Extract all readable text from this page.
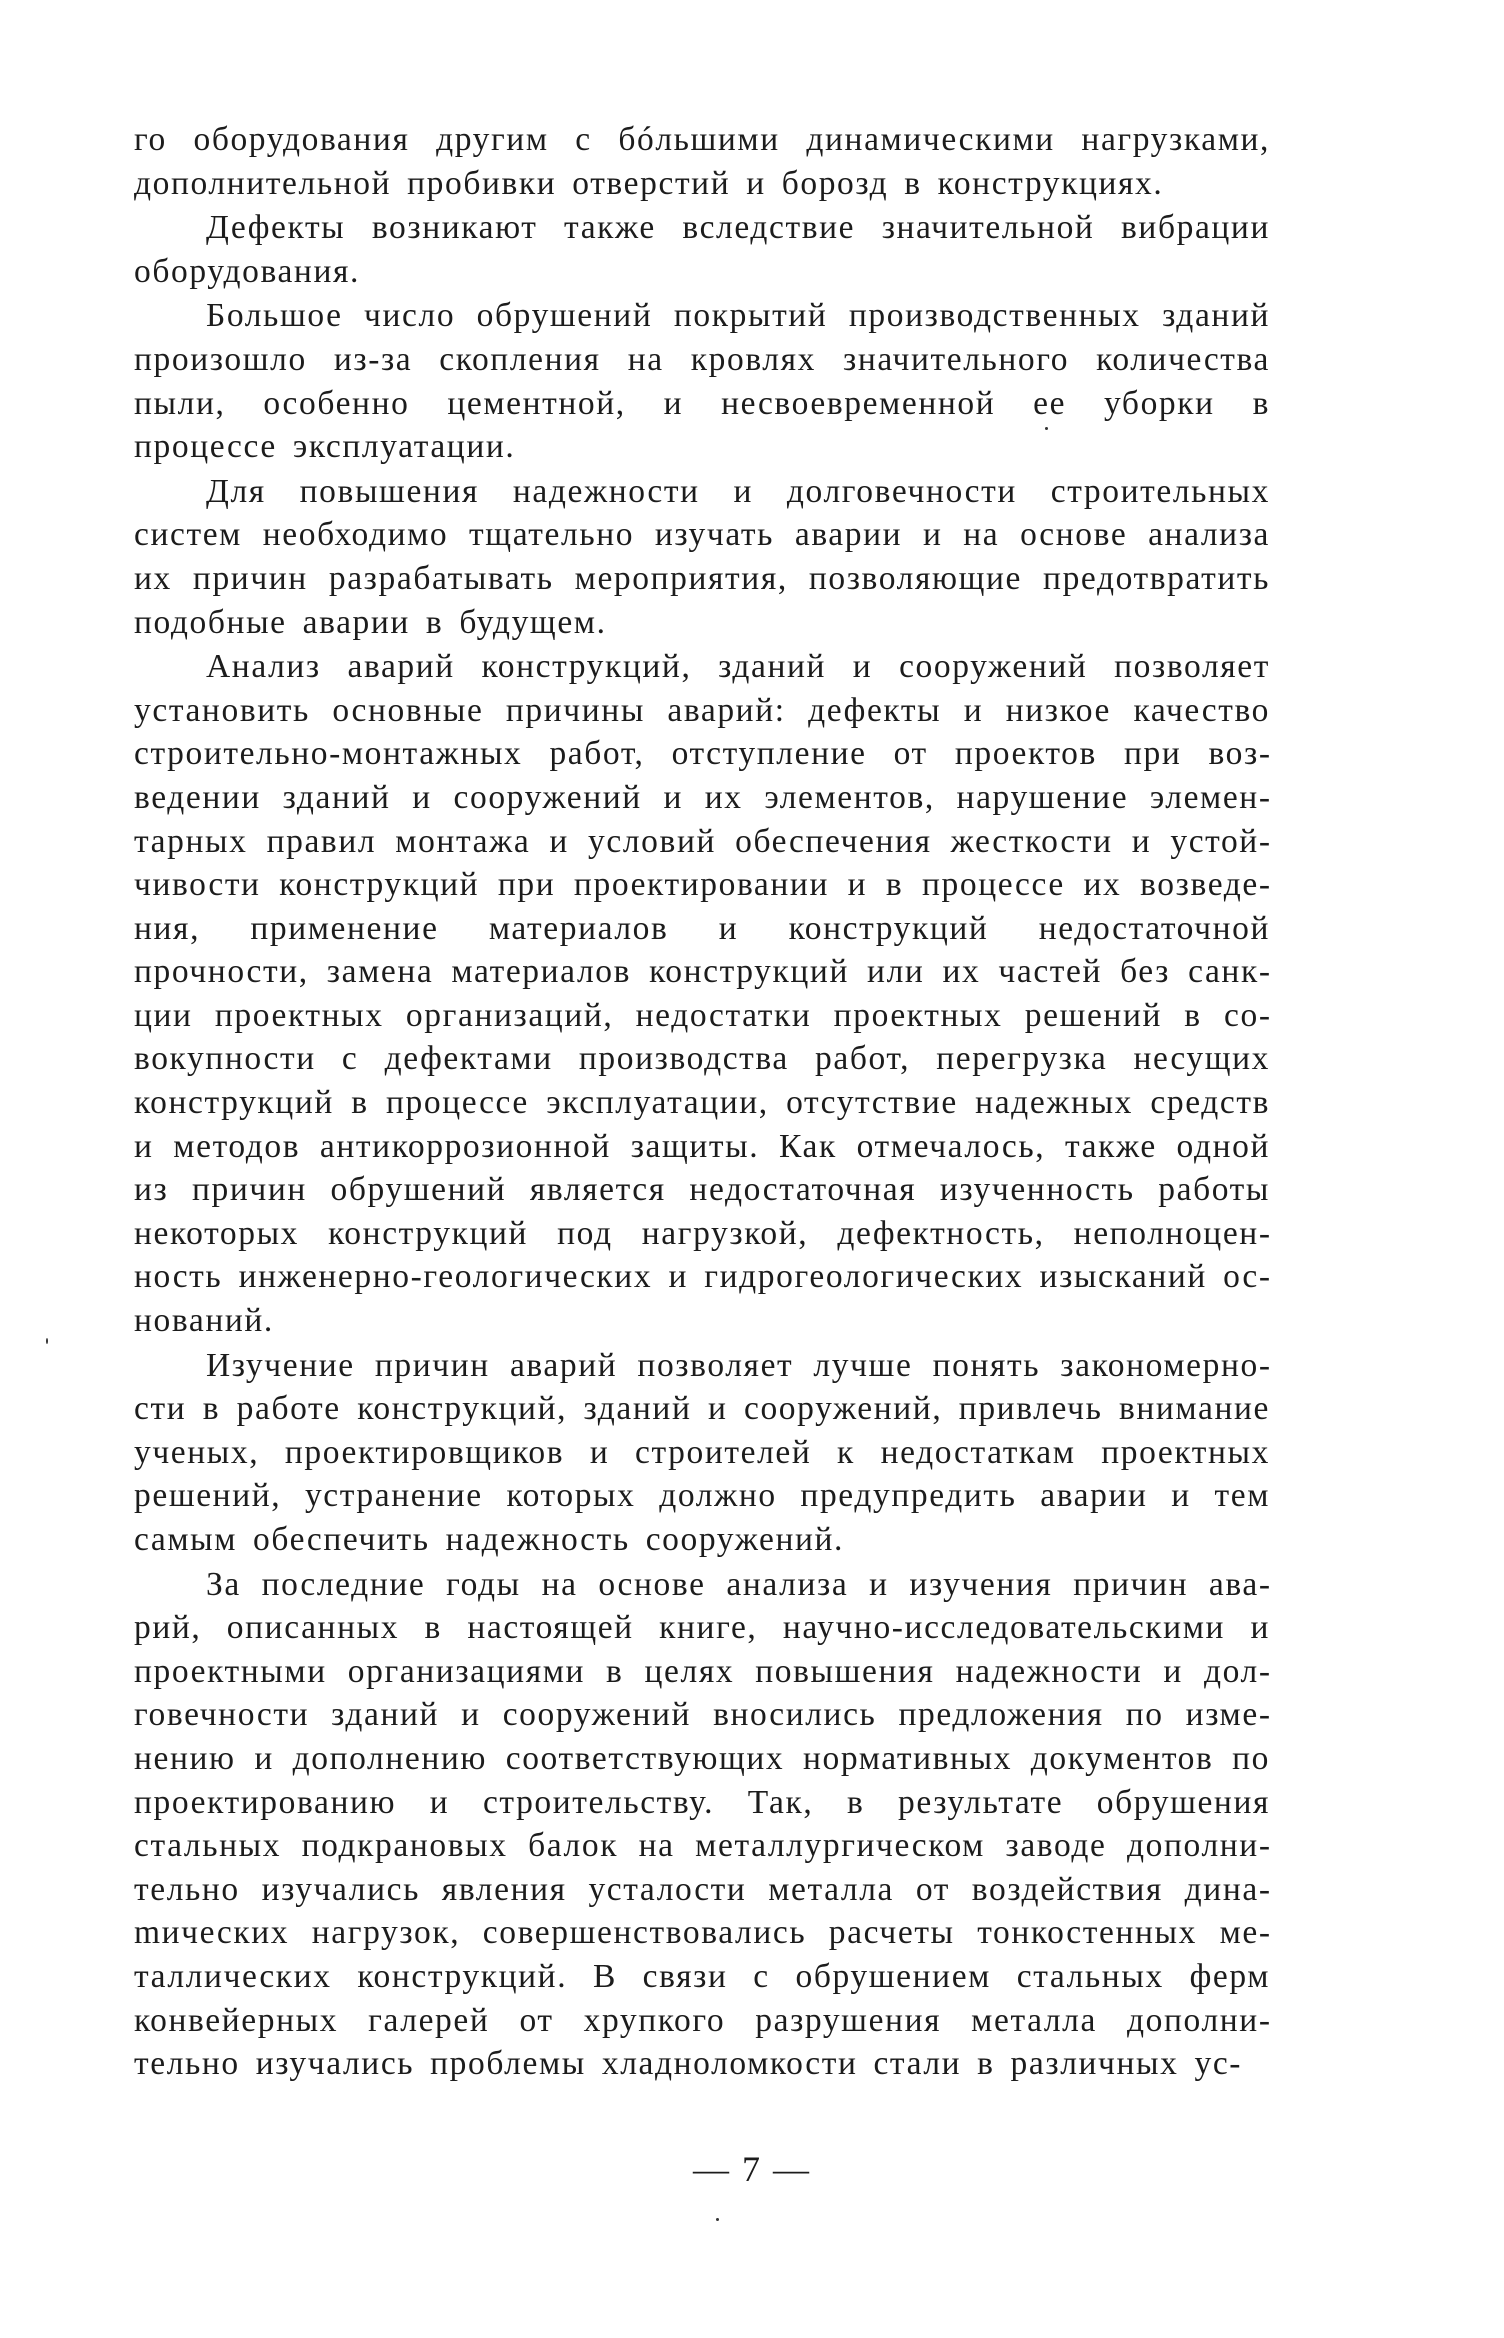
го оборудования другим с бóльшими динамическими нагрузками, дополнительной пробивки отверстий и борозд в конструкциях.

Дефекты возникают также вследствие значительной вибрации оборудования.

Большое число обрушений покрытий производственных зданий произошло из-за скопления на кровлях значительного количества пыли, особенно цементной, и несвоевременной ее уборки в процессе эксплуатации.

Для повышения надежности и долговечности строительных систем необходимо тщательно изучать аварии и на основе анализа их причин разрабатывать мероприятия, позволяющие предотвратить подобные аварии в будущем.

Анализ аварий конструкций, зданий и сооружений позволяет установить основные причины аварий: дефекты и низкое качество строительно-монтажных работ, отступление от проектов при возведении зданий и сооружений и их элементов, нарушение элементарных правил монтажа и условий обеспечения жесткости и устойчивости конструкций при проектировании и в процессе их возведения, применение материалов и конструкций недостаточной прочности, замена материалов конструкций или их частей без санкции проектных организаций, недостатки проектных решений в совокупности с дефектами производства работ, перегрузка несущих конструкций в процессе эксплуатации, отсутствие надежных средств и методов антикоррозионной защиты. Как отмечалось, также одной из причин обрушений является недостаточная изученность работы некоторых конструкций под нагрузкой, дефектность, неполноценность инженерно-геологических и гидрогеологических изысканий оснований.

Изучение причин аварий позволяет лучше понять закономерности в работе конструкций, зданий и сооружений, привлечь внимание ученых, проектировщиков и строителей к недостаткам проектных решений, устранение которых должно предупредить аварии и тем самым обеспечить надежность сооружений.

За последние годы на основе анализа и изучения причин аварий, описанных в настоящей книге, научно-исследовательскими и проектными организациями в целях повышения надежности и долговечности зданий и сооружений вносились предложения по изменению и дополнению соответствующих нормативных документов по проектированию и строительству. Так, в результате обрушения стальных подкрановых балок на металлургическом заводе дополнительно изучались явления усталости металла от воздействия динаmических нагрузок, совершенствовались расчеты тонкостенных металлических конструкций. В связи с обрушением стальных ферм конвейерных галерей от хрупкого разрушения металла дополнительно изучались проблемы хладноломкости стали в различных ус-

— 7 —
